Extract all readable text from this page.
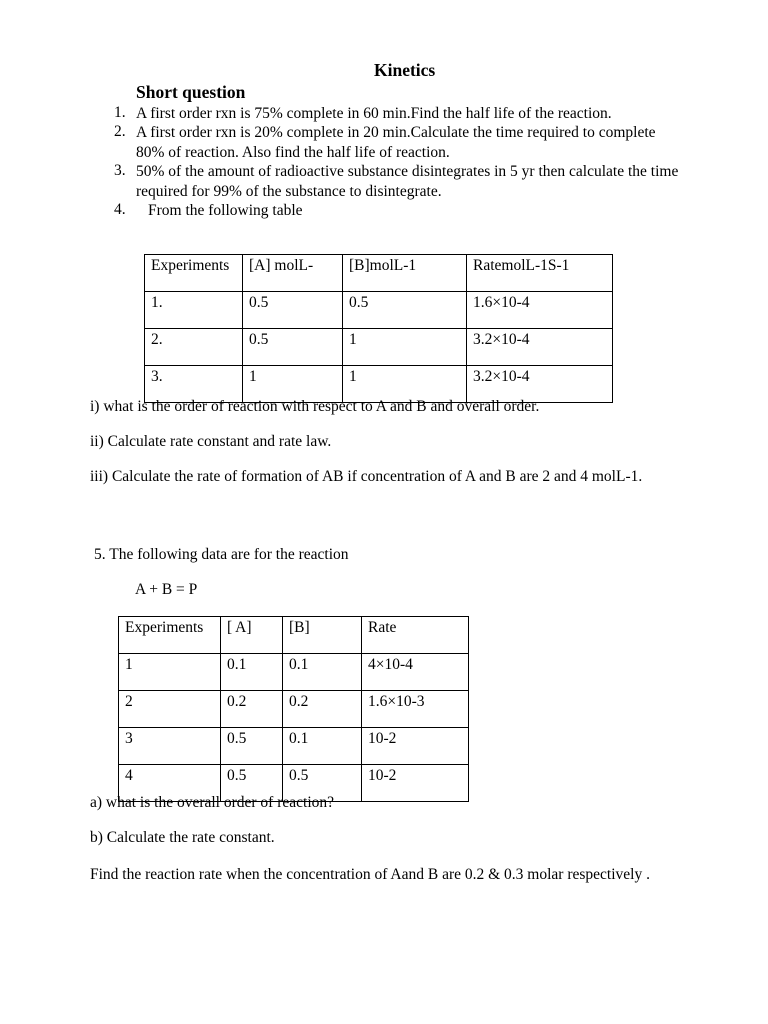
Kinetics
Short question
1. A first order rxn is 75% complete in 60 min.Find the half life of the reaction.
2. A first order rxn is 20% complete in 20 min.Calculate the time required to complete 80% of reaction. Also find the half life of reaction.
3. 50% of the amount of radioactive substance disintegrates in 5 yr then calculate the time required for 99% of the substance to disintegrate.
4. From the following table
Experiments	[A] molL-	[B]molL-1	RatemolL-1S-1
1.	0.5	0.5	1.6×10-4
2.	0.5	1	3.2×10-4
3.	1	1	3.2×10-4
i) what is the order of reaction with respect to A and B and overall order.
ii) Calculate rate constant and rate law.
iii) Calculate the rate of formation of AB if concentration of A and B are 2 and 4 molL-1.
5. The following data are for the reaction
A + B = P
Experiments	[ A]	[B]	Rate
1	0.1	0.1	4×10-4
2	0.2	0.2	1.6×10-3
3	0.5	0.1	10-2
4	0.5	0.5	10-2
a) what is the overall order of reaction?
b) Calculate the rate constant.
Find the reaction rate when the concentration of Aand B are 0.2 & 0.3 molar respectively .
